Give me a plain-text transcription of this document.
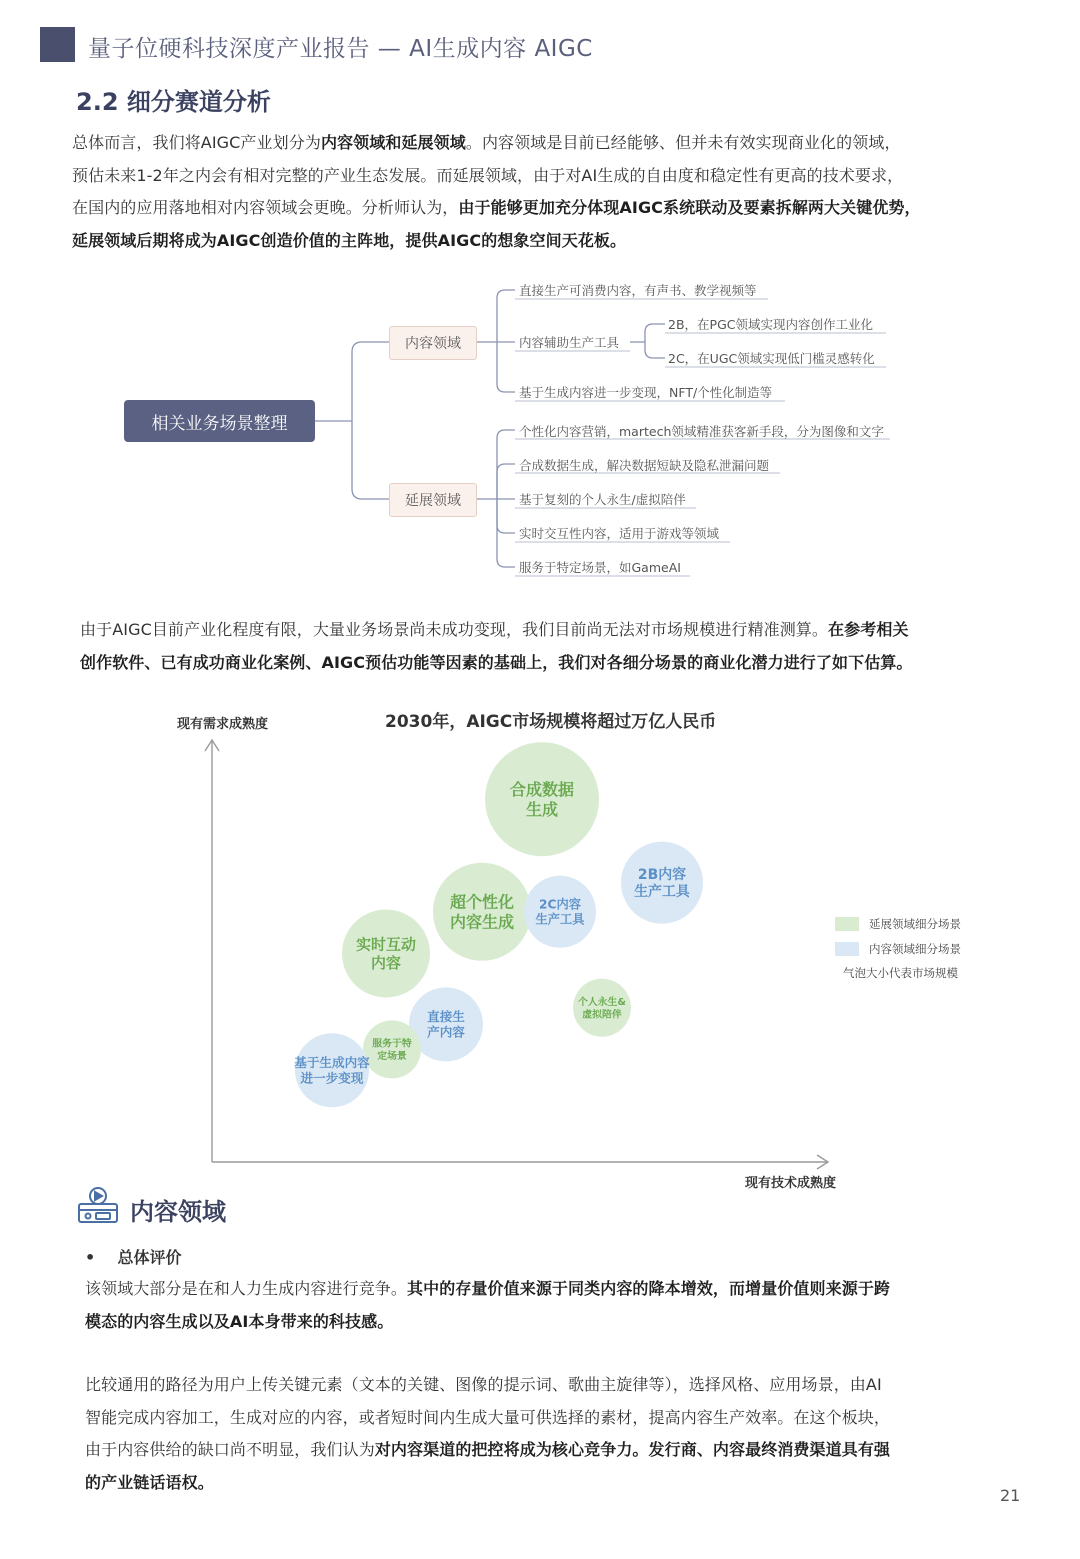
量子位硬科技深度产业报告 — AI生成内容 AIGC
2.2 细分赛道分析
总体而言，我们将AIGC产业划分为内容领域和延展领域。内容领域是目前已经能够、但并未有效实现商业化的领域，
预估未来1-2年之内会有相对完整的产业生态发展。而延展领域，由于对AI生成的自由度和稳定性有更高的技术要求，
在国内的应用落地相对内容领域会更晚。分析师认为，由于能够更加充分体现AIGC系统联动及要素拆解两大关键优势，
延展领域后期将成为AIGC创造价值的主阵地，提供AIGC的想象空间天花板。
相关业务场景整理
内容领域
延展领域
直接生产可消费内容，有声书、教学视频等
内容辅助生产工具
2B，在PGC领域实现内容创作工业化
2C，在UGC领域实现低门槛灵感转化
基于生成内容进一步变现，NFT/个性化制造等
个性化内容营销，martech领域精准获客新手段，分为图像和文字
合成数据生成，解决数据短缺及隐私泄漏问题
基于复刻的个人永生/虚拟陪伴
实时交互性内容，适用于游戏等领域
服务于特定场景，如GameAI
由于AIGC目前产业化程度有限，大量业务场景尚未成功变现，我们目前尚无法对市场规模进行精准测算。在参考相关
创作软件、已有成功商业化案例、AIGC预估功能等因素的基础上，我们对各细分场景的商业化潜力进行了如下估算。
2030年，AIGC市场规模将超过万亿人民币
现有需求成熟度
现有技术成熟度
合成数据生成
2B内容生产工具
超个性化内容生成
2C内容生产工具
实时互动内容
个人永生&虚拟陪伴
直接生产内容
服务于特定场景
基于生成内容进一步变现
延展领域细分场景
内容领域细分场景
气泡大小代表市场规模
内容领域
•    总体评价
该领域大部分是在和人力生成内容进行竞争。其中的存量价值来源于同类内容的降本增效，而增量价值则来源于跨
模态的内容生成以及AI本身带来的科技感。
比较通用的路径为用户上传关键元素（文本的关键、图像的提示词、歌曲主旋律等），选择风格、应用场景，由AI
智能完成内容加工，生成对应的内容，或者短时间内生成大量可供选择的素材，提高内容生产效率。在这个板块，
由于内容供给的缺口尚不明显，我们认为对内容渠道的把控将成为核心竞争力。发行商、内容最终消费渠道具有强
的产业链话语权。
21
